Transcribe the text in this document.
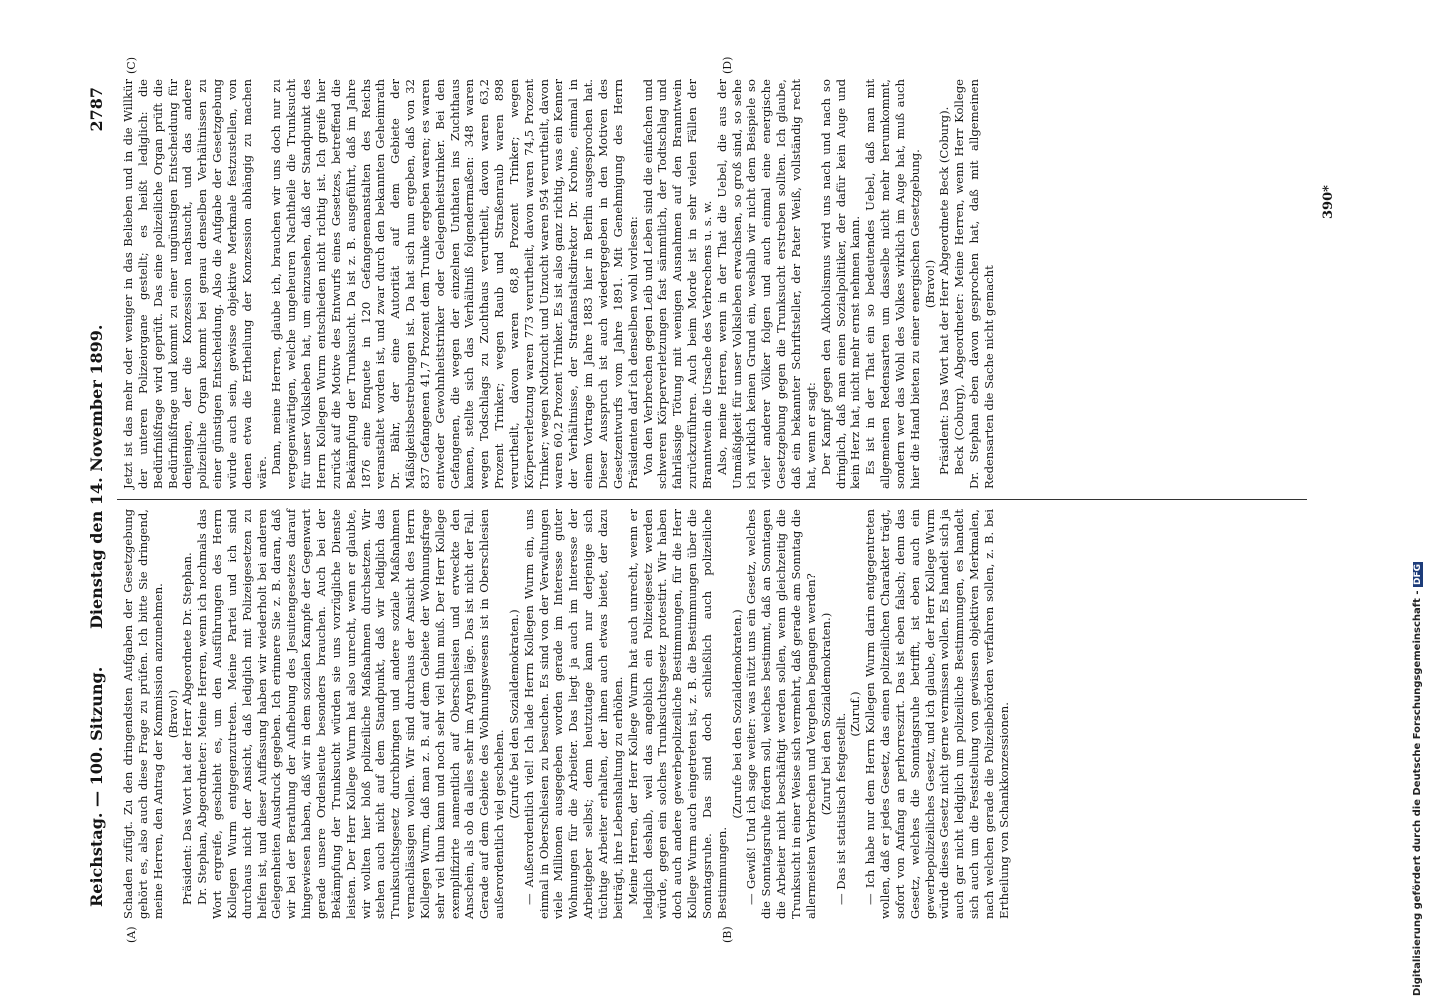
Reichstag. — 100. Sitzung.
Dienstag den 14. November 1899.
2787
(A)	(B)
(C)	(D)

Schaden zufügt. Zu den dringendsten Aufgaben der Gesetzgebung gehört es, also auch diese Frage zu prüfen. Ich bitte Sie dringend, meine Herren, den Antrag der Kommission anzunehmen. (Bravo!) Präsident: Das Wort hat der Herr Abgeordnete Dr. Stephan. Dr. Stephan, Abgeordneter: Meine Herren, wenn ich nochmals das Wort ergreife, geschieht es, um den Ausführungen des Herrn Kollegen Wurm entgegenzutreten. Meine Partei und ich sind durchaus nicht der Ansicht, daß lediglich mit Polizeigesetzen zu helfen ist, und dieser Auffassung haben wir wiederholt bei anderen Gelegenheiten Ausdruck gegeben. Ich erinnere Sie z. B. daran, daß wir bei der Berathung der Aufhebung des Jesuitengesetzes darauf hingewiesen haben, daß wir in dem sozialen Kampfe der Gegenwart gerade unsere Ordensleute besonders brauchen. Auch bei der Bekämpfung der Trunksucht würden sie uns vorzügliche Dienste leisten. Der Herr Kollege Wurm hat also unrecht, wenn er glaubte, wir wollten hier bloß polizeiliche Maßnahmen durchsetzen. Wir stehen auch nicht auf dem Standpunkt, daß wir lediglich das Trunksuchtsgesetz durchbringen und andere soziale Maßnahmen vernachlässigen wollen. Wir sind durchaus der Ansicht des Herrn Kollegen Wurm, daß man z. B. auf dem Gebiete der Wohnungsfrage sehr viel thun kann und noch sehr viel thun muß. Der Herr Kollege exemplifizirte namentlich auf Oberschlesien und erweckte den Anschein, als ob da alles sehr im Argen läge. Das ist nicht der Fall. Gerade auf dem Gebiete des Wohnungswesens ist in Oberschlesien außerordentlich viel geschehen.

(Zurufe bei den Sozialdemokraten.) — Außerordentlich viel! Ich lade Herrn Kollegen Wurm ein, uns einmal in Oberschlesien zu besuchen. Es sind von der Verwaltungen viele Millionen ausgegeben worden gerade im Interesse guter Wohnungen für die Arbeiter. Das liegt ja auch im Interesse der Arbeitgeber selbst; denn heutzutage kann nur derjenige sich tüchtige Arbeiter erhalten, der ihnen auch etwas bietet, der dazu beiträgt, ihre Lebenshaltung zu erhöhen. Meine Herren, der Herr Kollege Wurm hat auch unrecht, wenn er lediglich deshalb, weil das angeblich ein Polizeigesetz werden würde, gegen ein solches Trunksuchtsgesetz protestirt. Wir haben doch auch andere gewerbepolizeiliche Bestimmungen, für die Herr Kollege Wurm auch eingetreten ist, z. B. die Bestimmungen über die Sonntagsruhe. Das sind doch schließlich auch polizeiliche Bestimmungen.

(Zurufe bei den Sozialdemokraten.) — Gewiß! Und ich sage weiter: was nützt uns ein Gesetz, welches die Sonntagsruhe fördern soll, welches bestimmt, daß an Sonntagen die Arbeiter nicht beschäftigt werden sollen, wenn gleichzeitig die Trunksucht in einer Weise sich vermehrt, daß gerade am Sonntag die allermeisten Verbrechen und Vergehen begangen werden? (Zuruf bei den Sozialdemokraten.) — Das ist statistisch festgestellt. (Zuruf.) — Ich habe nur dem Herrn Kollegen Wurm darin entgegentreten wollen, daß er jedes Gesetz, das einen polizeilichen Charakter trägt, sofort von Anfang an perhorreszirt. Das ist eben falsch; denn das Gesetz, welches die Sonntagsruhe betrifft, ist eben auch ein gewerbepolizeiliches Gesetz, und ich glaube, der Herr Kollege Wurm würde dieses Gesetz nicht gerne vermissen wollen. Es handelt sich ja auch gar nicht lediglich um polizeiliche Bestimmungen, es handelt sich auch um die Feststellung von gewissen objektiven Merkmalen, nach welchen gerade die Polizeibehörden verfahren sollen, z. B. bei Ertheilung von Schankkonzessionen.

Jetzt ist das mehr oder weniger in das Belieben und in die Willkür der unteren Polizeiorgane gestellt; es heißt lediglich: die Bedürfnißfrage wird geprüft. Das eine polizeiliche Organ prüft die Bedürfnißfrage und kommt zu einer ungünstigen Entscheidung für denjenigen, der die Konzession nachsucht, und das andere polizeiliche Organ kommt bei genau denselben Verhältnissen zu einer günstigen Entscheidung. Also die Aufgabe der Gesetzgebung würde auch sein, gewisse objektive Merkmale festzustellen, von denen etwa die Ertheilung der Konzession abhängig zu machen wäre. Dann, meine Herren, glaube ich, brauchen wir uns doch nur zu vergegenwärtigen, welche ungeheuren Nachtheile die Trunksucht für unser Volksleben hat, um einzusehen, daß der Standpunkt des Herrn Kollegen Wurm entschieden nicht richtig ist. Ich greife hier zurück auf die Motive des Entwurfs eines Gesetzes, betreffend die Bekämpfung der Trunksucht. Da ist z. B. ausgeführt, daß im Jahre 1876 eine Enquete in 120 Gefangenenanstalten des Reichs veranstaltet worden ist, und zwar durch den bekannten Geheimrath Dr. Bähr, der eine Autorität auf dem Gebiete der Mäßigkeitsbestrebungen ist. Da hat sich nun ergeben, daß von 32 837 Gefangenen 41,7 Prozent dem Trunke ergeben waren; es waren entweder Gewohnheitstrinker oder Gelegenheitstrinker. Bei den Gefangenen, die wegen der einzelnen Unthaten ins Zuchthaus kamen, stellte sich das Verhältniß folgendermaßen: 348 waren wegen Todschlags zu Zuchthaus verurtheilt, davon waren 63,2 Prozent Trinker; wegen Raub und Straßenraub waren 898 verurtheilt, davon waren 68,8 Prozent Trinker; wegen Körperverletzung waren 773 verurtheilt, davon waren 74,5 Prozent Trinker; wegen Nothzucht und Unzucht waren 954 verurtheilt, davon waren 60,2 Prozent Trinker. Es ist also ganz richtig, was ein Kenner der Verhältnisse, der Strafanstaltsdirektor Dr. Krohne, einmal in einem Vortrage im Jahre 1883 hier in Berlin ausgesprochen hat. Dieser Ausspruch ist auch wiedergegeben in den Motiven des Gesetzentwurfs vom Jahre 1891. Mit Genehmigung des Herrn Präsidenten darf ich denselben wohl vorlesen: Von den Verbrechen gegen Leib und Leben sind die einfachen und schweren Körperverletzungen fast sämmtlich, der Todtschlag und fahrlässige Tötung mit wenigen Ausnahmen auf den Branntwein zurückzuführen. Auch beim Morde ist in sehr vielen Fällen der Branntwein die Ursache des Verbrechens u. s. w. Also, meine Herren, wenn in der That die Uebel, die aus der Unmäßigkeit für unser Volksleben erwachsen, so groß sind, so sehe ich wirklich keinen Grund ein, weshalb wir nicht dem Beispiele so vieler anderer Völker folgen und auch einmal eine energische Gesetzgebung gegen die Trunksucht erstreben sollten. Ich glaube, daß ein bekannter Schriftsteller, der Pater Weiß, vollständig recht hat, wenn er sagt: Der Kampf gegen den Alkoholismus wird uns nach und nach so dringlich, daß man einen Sozialpolitiker, der dafür kein Auge und kein Herz hat, nicht mehr ernst nehmen kann. Es ist in der That ein so bedeutendes Uebel, daß man mit allgemeinen Redensarten um dasselbe nicht mehr herumkommt, sondern wer das Wohl des Volkes wirklich im Auge hat, muß auch hier die Hand bieten zu einer energischen Gesetzgebung. (Bravo!) Präsident: Das Wort hat der Herr Abgeordnete Beck (Coburg). Beck (Coburg), Abgeordneter: Meine Herren, wenn Herr Kollege Dr. Stephan eben davon gesprochen hat, daß mit allgemeinen Redensarten die Sache nicht gemacht

390*
Digitalisierung gefördert durch die Deutsche Forschungsgemeinschaft - DFG
